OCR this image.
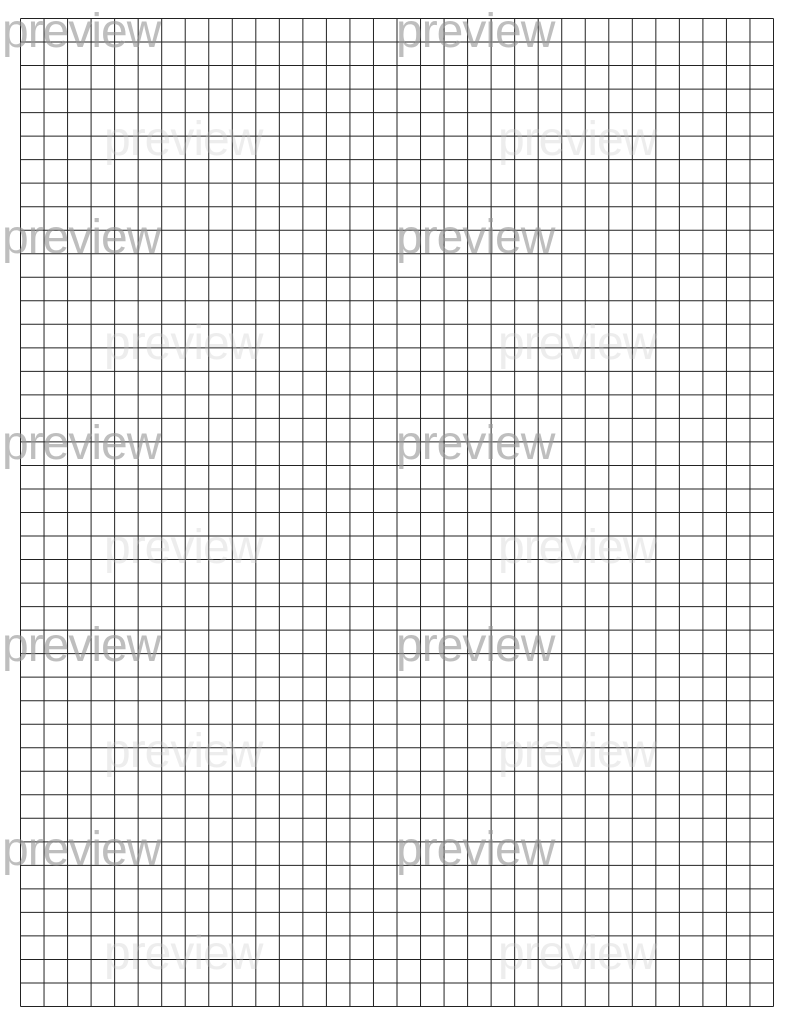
preview	preview
preview	preview
preview	preview
preview	preview
preview	preview
preview	preview
preview	preview
preview	preview
preview	preview
preview	preview
